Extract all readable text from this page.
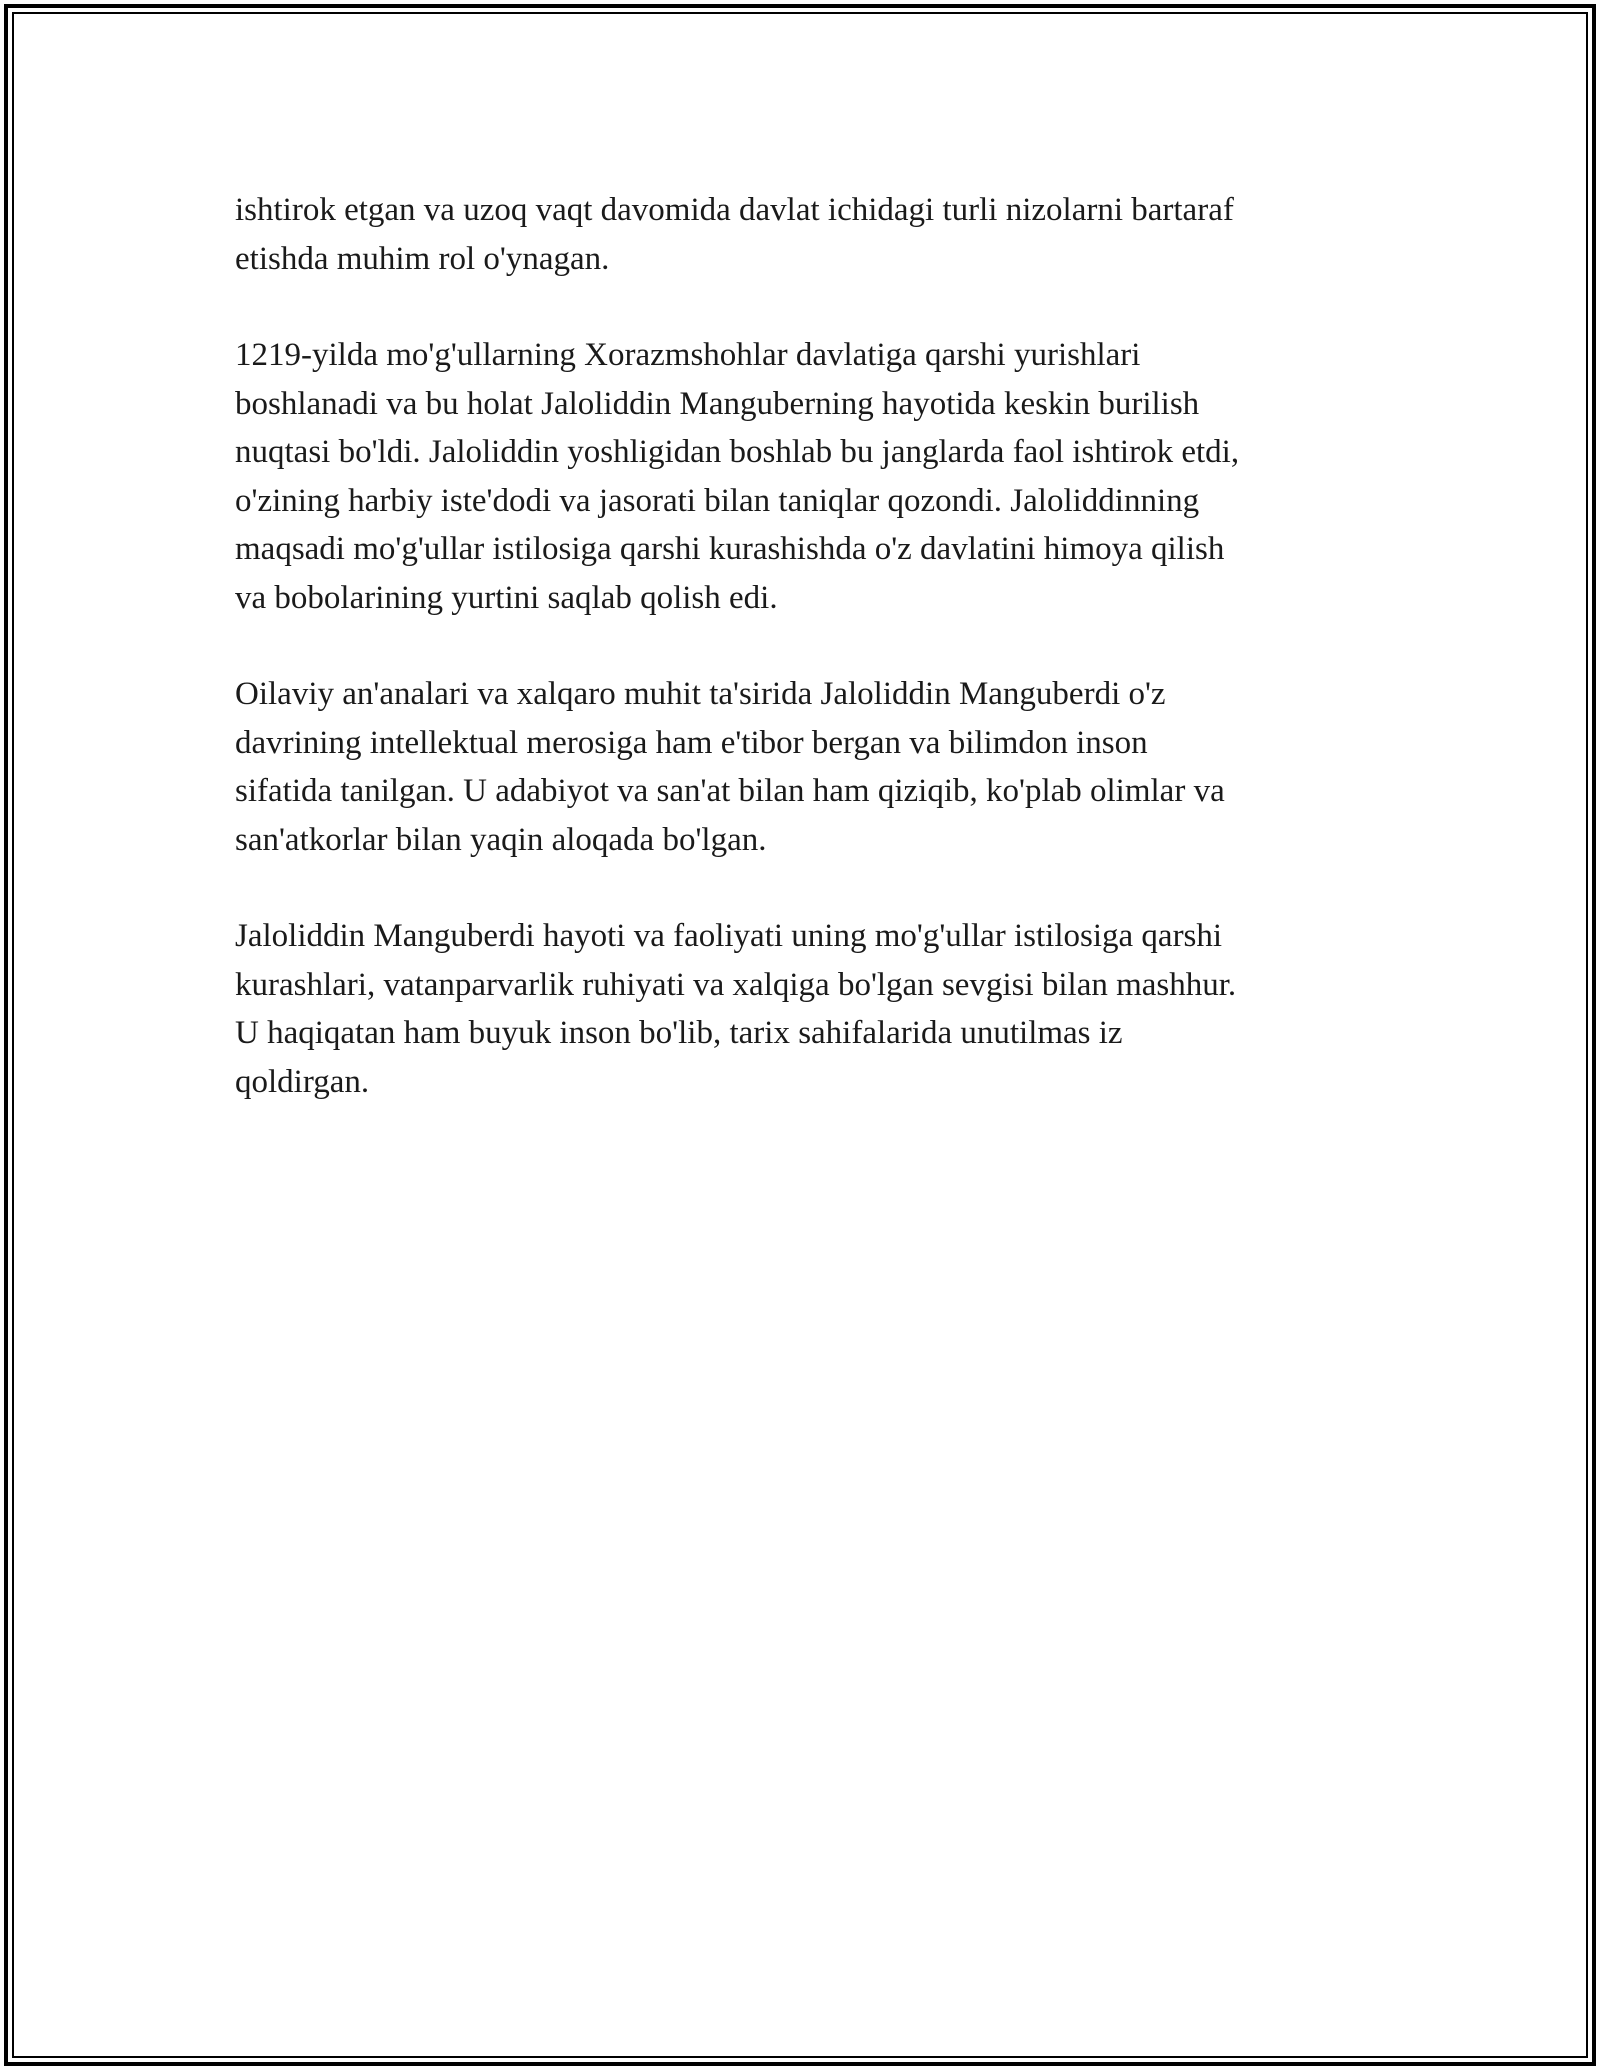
ishtirok etgan va uzoq vaqt davomida davlat ichidagi turli nizolarni bartaraf
etishda muhim rol o'ynagan.

1219-yilda mo'g'ullarning Xorazmshohlar davlatiga qarshi yurishlari
boshlanadi va bu holat Jaloliddin Manguberning hayotida keskin burilish
nuqtasi bo'ldi. Jaloliddin yoshligidan boshlab bu janglarda faol ishtirok etdi,
o'zining harbiy iste'dodi va jasorati bilan taniqlar qozondi. Jaloliddinning
maqsadi mo'g'ullar istilosiga qarshi kurashishda o'z davlatini himoya qilish
va bobolarining yurtini saqlab qolish edi.

Oilaviy an'analari va xalqaro muhit ta'sirida Jaloliddin Manguberdi o'z
davrining intellektual merosiga ham e'tibor bergan va bilimdon inson
sifatida tanilgan. U adabiyot va san'at bilan ham qiziqib, ko'plab olimlar va
san'atkorlar bilan yaqin aloqada bo'lgan.

Jaloliddin Manguberdi hayoti va faoliyati uning mo'g'ullar istilosiga qarshi
kurashlari, vatanparvarlik ruhiyati va xalqiga bo'lgan sevgisi bilan mashhur.
U haqiqatan ham buyuk inson bo'lib, tarix sahifalarida unutilmas iz
qoldirgan.
